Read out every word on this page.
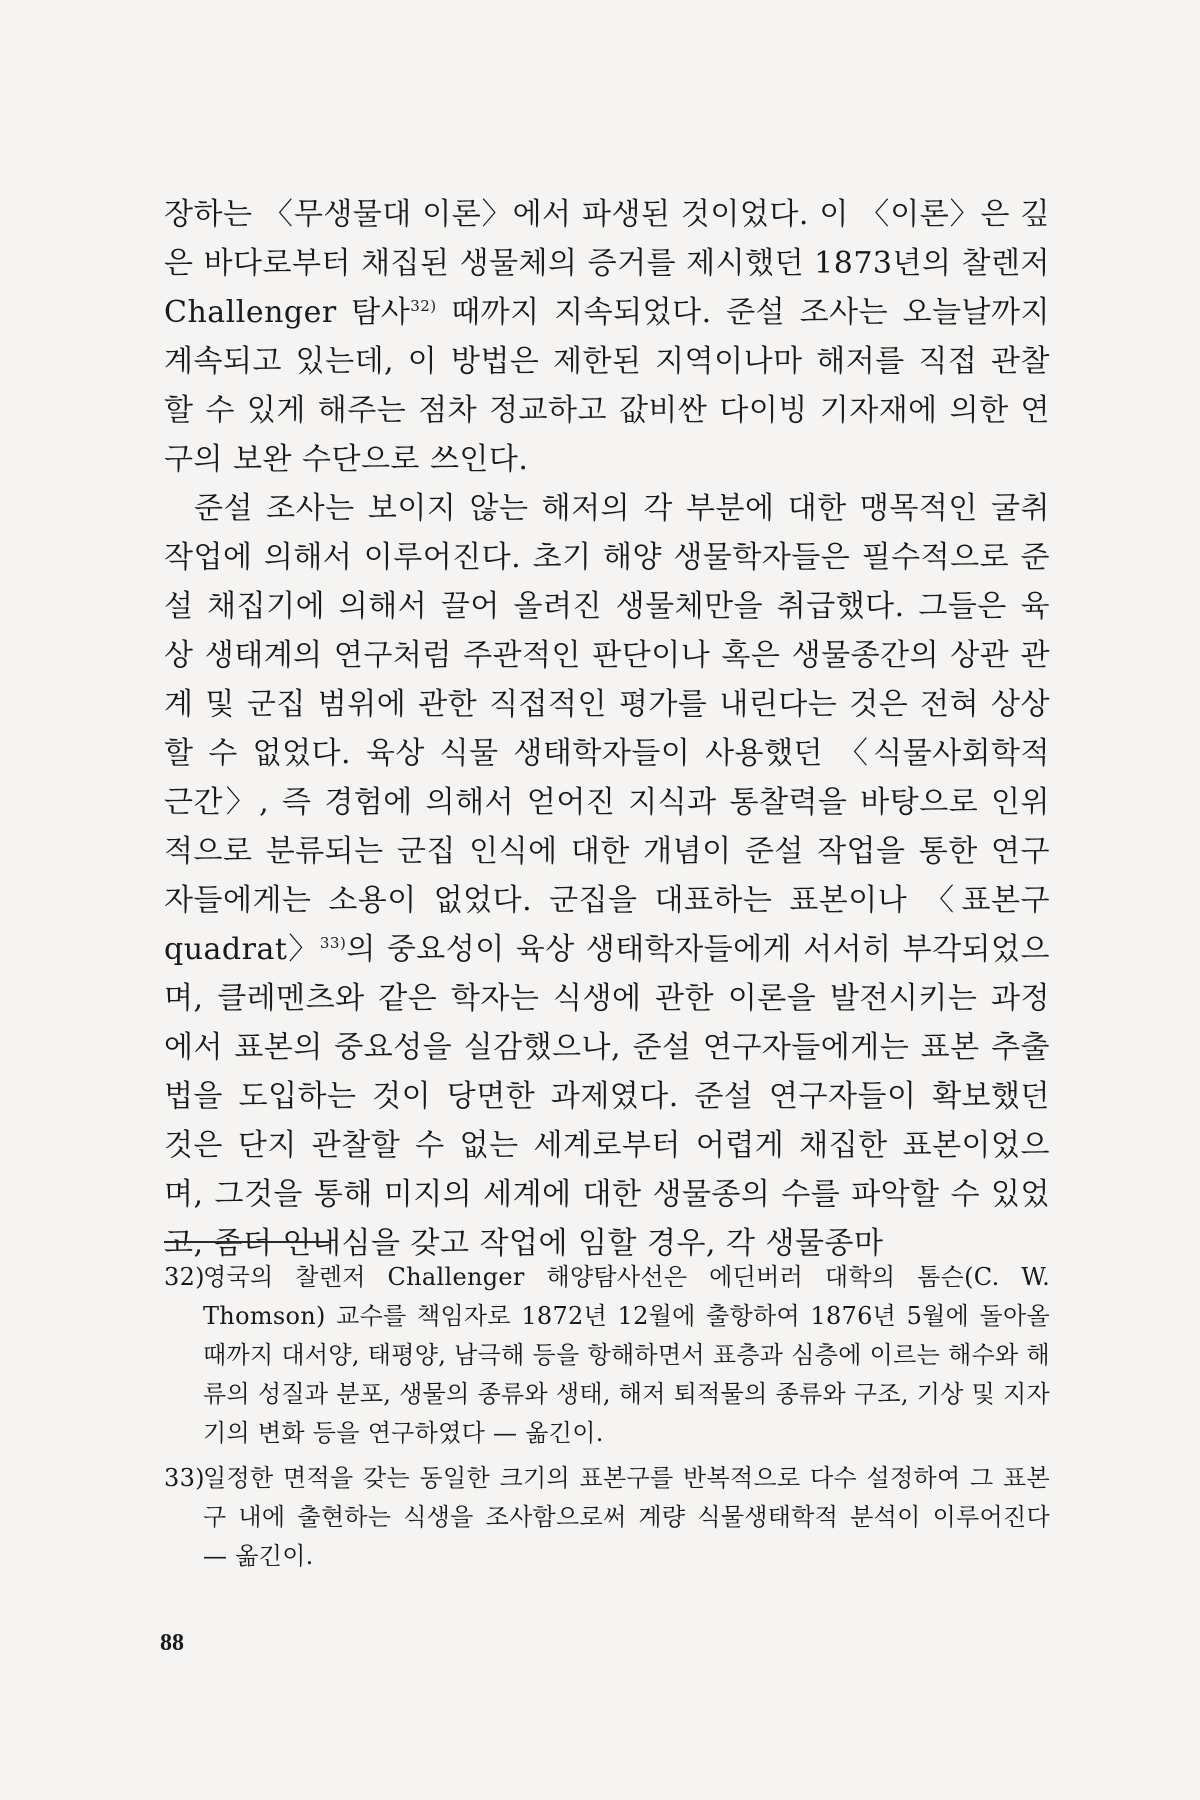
장하는 〈무생물대 이론〉에서 파생된 것이었다. 이 〈이론〉은 깊은 바다로부터 채집된 생물체의 증거를 제시했던 1873년의 찰렌저 Challenger 탐사$^{32)}$ 때까지 지속되었다. 준설 조사는 오늘날까지 계속되고 있는데, 이 방법은 제한된 지역이나마 해저를 직접 관찰할 수 있게 해주는 점차 정교하고 값비싼 다이빙 기자재에 의한 연구의 보완 수단으로 쓰인다.

준설 조사는 보이지 않는 해저의 각 부분에 대한 맹목적인 굴취 작업에 의해서 이루어진다. 초기 해양 생물학자들은 필수적으로 준설 채집기에 의해서 끌어 올려진 생물체만을 취급했다. 그들은 육상 생태계의 연구처럼 주관적인 판단이나 혹은 생물종간의 상관 관계 및 군집 범위에 관한 직접적인 평가를 내린다는 것은 전혀 상상할 수 없었다. 육상 식물 생태학자들이 사용했던 〈식물사회학적 근간〉, 즉 경험에 의해서 얻어진 지식과 통찰력을 바탕으로 인위적으로 분류되는 군집 인식에 대한 개념이 준설 작업을 통한 연구자들에게는 소용이 없었다. 군집을 대표하는 표본이나 〈표본구 quadrat〉$^{33)}$의 중요성이 육상 생태학자들에게 서서히 부각되었으며, 클레멘츠와 같은 학자는 식생에 관한 이론을 발전시키는 과정에서 표본의 중요성을 실감했으나, 준설 연구자들에게는 표본 추출법을 도입하는 것이 당면한 과제였다. 준설 연구자들이 확보했던 것은 단지 관찰할 수 없는 세계로부터 어렵게 채집한 표본이었으며, 그것을 통해 미지의 세계에 대한 생물종의 수를 파악할 수 있었고, 좀더 인내심을 갖고 작업에 임할 경우, 각 생물종마

32)
영국의 찰렌저 Challenger 해양탐사선은 에딘버러 대학의 톰슨(C. W. Thomson) 교수를 책임자로 1872년 12월에 출항하여 1876년 5월에 돌아올 때까지 대서양, 태평양, 남극해 등을 항해하면서 표층과 심층에 이르는 해수와 해류의 성질과 분포, 생물의 종류와 생태, 해저 퇴적물의 종류와 구조, 기상 및 지자기의 변화 등을 연구하였다 — 옮긴이.

33)
일정한 면적을 갖는 동일한 크기의 표본구를 반복적으로 다수 설정하여 그 표본구 내에 출현하는 식생을 조사함으로써 계량 식물생태학적 분석이 이루어진다 — 옮긴이.

88
